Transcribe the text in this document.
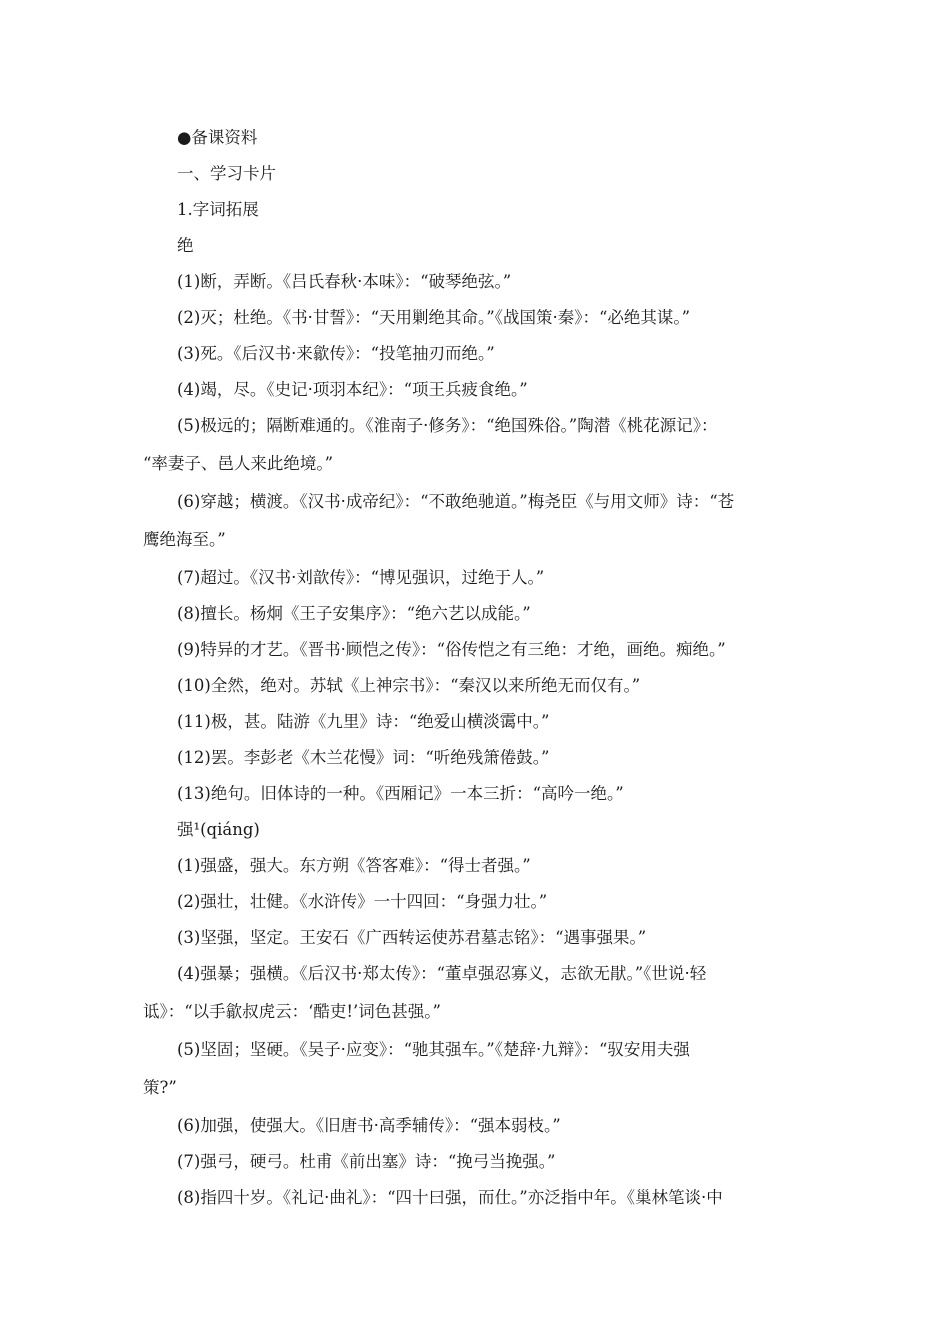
●备课资料
一、学习卡片
1.字词拓展
绝
(1)断，弄断。《吕氏春秋·本味》：“破琴绝弦。”
(2)灭；杜绝。《书·甘誓》：“天用剿绝其命。”《战国策·秦》：“必绝其谋。”
(3)死。《后汉书·来歙传》：“投笔抽刃而绝。”
(4)竭，尽。《史记·项羽本纪》：“项王兵疲食绝。”
(5)极远的；隔断难通的。《淮南子·修务》：“绝国殊俗。”陶潜《桃花源记》：
“率妻子、邑人来此绝境。”
(6)穿越；横渡。《汉书·成帝纪》：“不敢绝驰道。”梅尧臣《与用文师》诗：“苍
鹰绝海至。”
(7)超过。《汉书·刘歆传》：“博见强识，过绝于人。”
(8)擅长。杨炯《王子安集序》：“绝六艺以成能。”
(9)特异的才艺。《晋书·顾恺之传》：“俗传恺之有三绝：才绝，画绝。痴绝。”
(10)全然，绝对。苏轼《上神宗书》：“秦汉以来所绝无而仅有。”
(11)极，甚。陆游《九里》诗：“绝爱山横淡霭中。”
(12)罢。李彭老《木兰花慢》词：“听绝残箫倦鼓。”
(13)绝句。旧体诗的一种。《西厢记》一本三折：“高吟一绝。”
强¹(qiáng)
(1)强盛，强大。东方朔《答客难》：“得士者强。”
(2)强壮，壮健。《水浒传》一十四回：“身强力壮。”
(3)坚强，坚定。王安石《广西转运使苏君墓志铭》：“遇事强果。”
(4)强暴；强横。《后汉书·郑太传》：“董卓强忍寡义，志欲无猒。”《世说·轻
诋》：“以手歙叔虎云：‘酷吏!’词色甚强。”
(5)坚固；坚硬。《吴子·应变》：“驰其强车。”《楚辞·九辩》：“驭安用夫强
策?”
(6)加强，使强大。《旧唐书·高季辅传》：“强本弱枝。”
(7)强弓，硬弓。杜甫《前出塞》诗：“挽弓当挽强。”
(8)指四十岁。《礼记·曲礼》：“四十曰强，而仕。”亦泛指中年。《巢林笔谈·中
